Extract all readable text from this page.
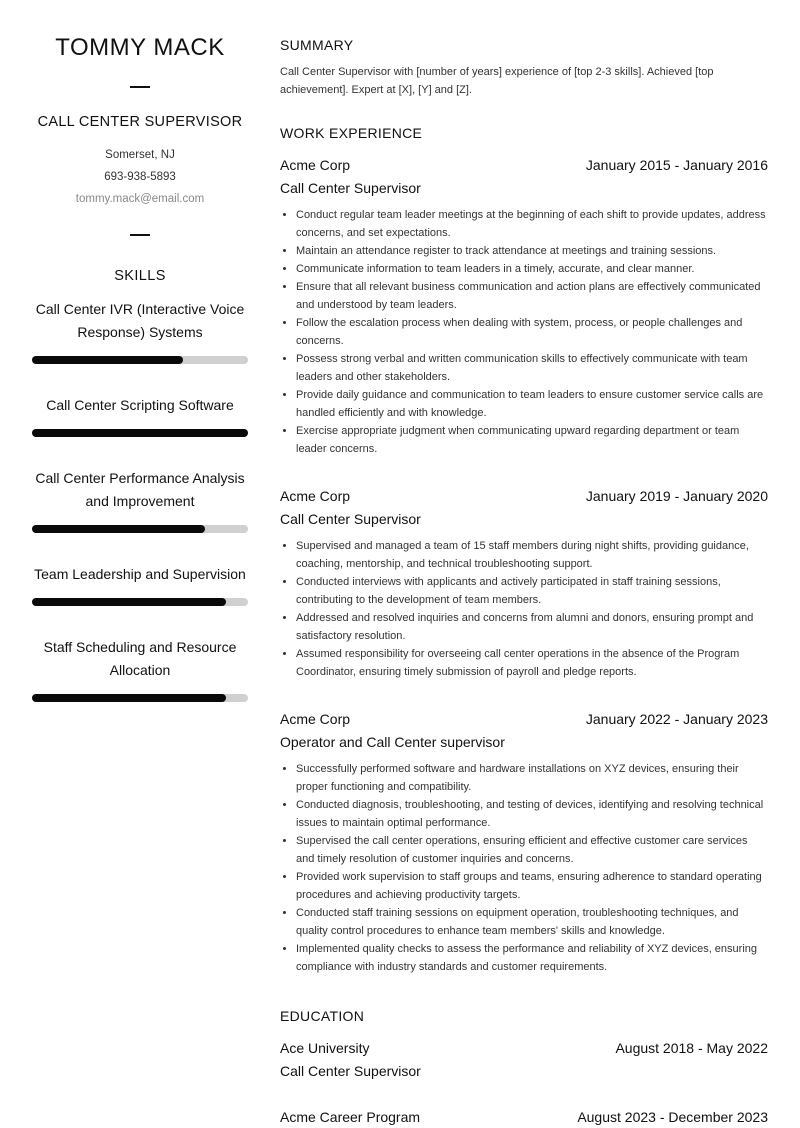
TOMMY MACK
CALL CENTER SUPERVISOR
Somerset, NJ
693-938-5893
tommy.mack@email.com
SKILLS
Call Center IVR (Interactive Voice Response) Systems
Call Center Scripting Software
Call Center Performance Analysis and Improvement
Team Leadership and Supervision
Staff Scheduling and Resource Allocation
SUMMARY
Call Center Supervisor with [number of years] experience of [top 2-3 skills]. Achieved [top achievement]. Expert at [X], [Y] and [Z].
WORK EXPERIENCE
Acme Corp	January 2015 - January 2016
Call Center Supervisor
• Conduct regular team leader meetings at the beginning of each shift to provide updates, address concerns, and set expectations.
• Maintain an attendance register to track attendance at meetings and training sessions.
• Communicate information to team leaders in a timely, accurate, and clear manner.
• Ensure that all relevant business communication and action plans are effectively communicated and understood by team leaders.
• Follow the escalation process when dealing with system, process, or people challenges and concerns.
• Possess strong verbal and written communication skills to effectively communicate with team leaders and other stakeholders.
• Provide daily guidance and communication to team leaders to ensure customer service calls are handled efficiently and with knowledge.
• Exercise appropriate judgment when communicating upward regarding department or team leader concerns.
Acme Corp	January 2019 - January 2020
Call Center Supervisor
• Supervised and managed a team of 15 staff members during night shifts, providing guidance, coaching, mentorship, and technical troubleshooting support.
• Conducted interviews with applicants and actively participated in staff training sessions, contributing to the development of team members.
• Addressed and resolved inquiries and concerns from alumni and donors, ensuring prompt and satisfactory resolution.
• Assumed responsibility for overseeing call center operations in the absence of the Program Coordinator, ensuring timely submission of payroll and pledge reports.
Acme Corp	January 2022 - January 2023
Operator and Call Center supervisor
• Successfully performed software and hardware installations on XYZ devices, ensuring their proper functioning and compatibility.
• Conducted diagnosis, troubleshooting, and testing of devices, identifying and resolving technical issues to maintain optimal performance.
• Supervised the call center operations, ensuring efficient and effective customer care services and timely resolution of customer inquiries and concerns.
• Provided work supervision to staff groups and teams, ensuring adherence to standard operating procedures and achieving productivity targets.
• Conducted staff training sessions on equipment operation, troubleshooting techniques, and quality control procedures to enhance team members' skills and knowledge.
• Implemented quality checks to assess the performance and reliability of XYZ devices, ensuring compliance with industry standards and customer requirements.
EDUCATION
Ace University	August 2018 - May 2022
Call Center Supervisor
Acme Career Program	August 2023 - December 2023
